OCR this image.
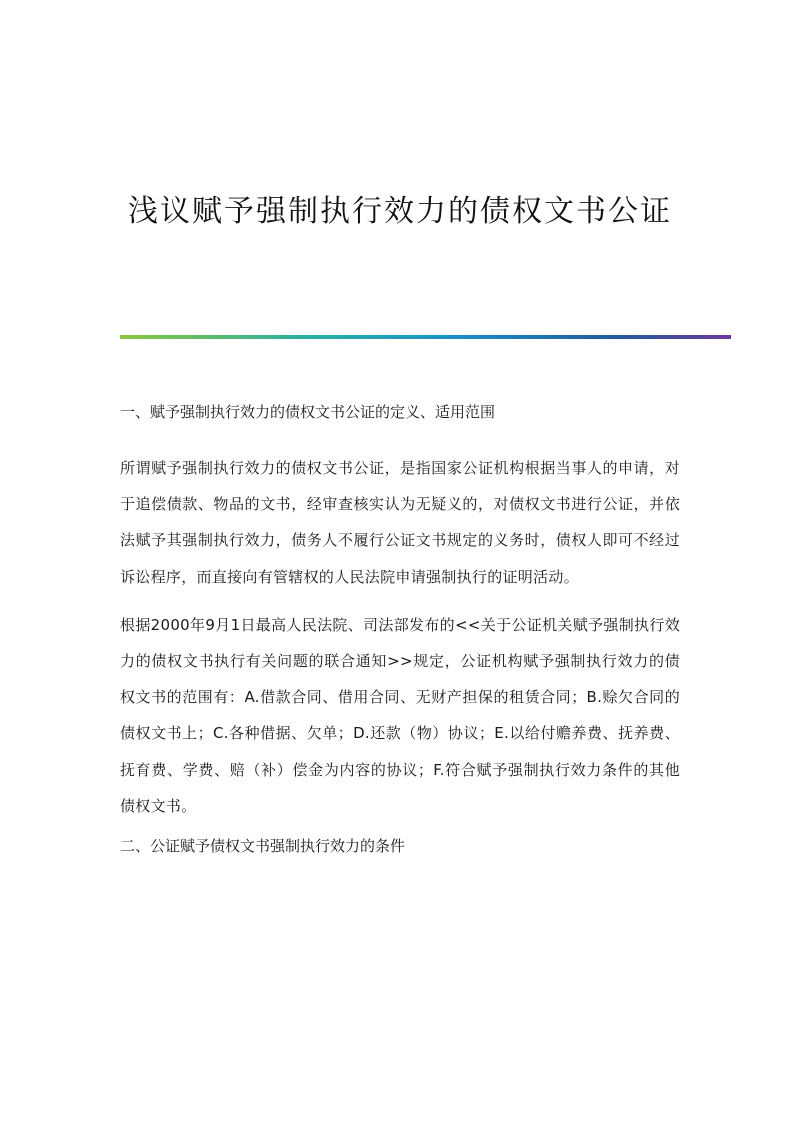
浅议赋予强制执行效力的债权文书公证

一、赋予强制执行效力的债权文书公证的定义、适用范围

所谓赋予强制执行效力的债权文书公证，是指国家公证机构根据当事人的申请，对于追偿债款、物品的文书，经审查核实认为无疑义的，对债权文书进行公证，并依法赋予其强制执行效力，债务人不履行公证文书规定的义务时，债权人即可不经过诉讼程序，而直接向有管辖权的人民法院申请强制执行的证明活动。

根据2000年9月1日最高人民法院、司法部发布的<<关于公证机关赋予强制执行效力的债权文书执行有关问题的联合通知>>规定，公证机构赋予强制执行效力的债权文书的范围有：A.借款合同、借用合同、无财产担保的租赁合同；B.赊欠合同的债权文书上；C.各种借据、欠单；D.还款（物）协议；E.以给付赡养费、抚养费、抚育费、学费、赔（补）偿金为内容的协议；F.符合赋予强制执行效力条件的其他债权文书。

二、公证赋予债权文书强制执行效力的条件
